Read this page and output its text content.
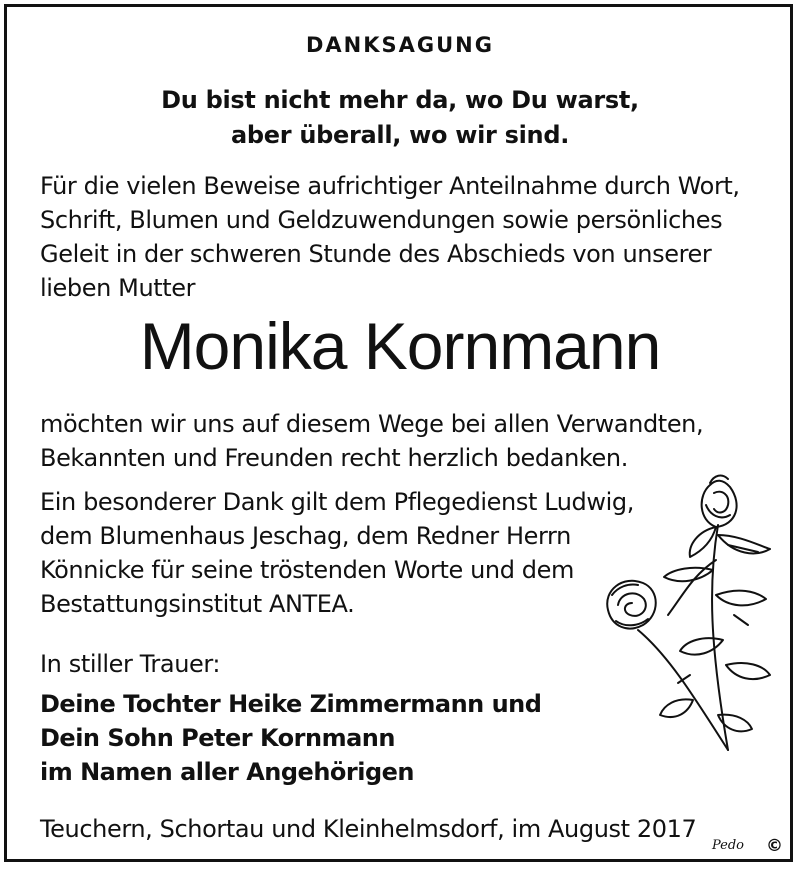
DANKSAGUNG
Du bist nicht mehr da, wo Du warst,
aber überall, wo wir sind.
Für die vielen Beweise aufrichtiger Anteilnahme durch Wort,
Schrift, Blumen und Geldzuwendungen sowie persönliches
Geleit in der schweren Stunde des Abschieds von unserer
lieben Mutter
Monika Kornmann
möchten wir uns auf diesem Wege bei allen Verwandten,
Bekannten und Freunden recht herzlich bedanken.
Ein besonderer Dank gilt dem Pflegedienst Ludwig,
dem Blumenhaus Jeschag, dem Redner Herrn
Könnicke für seine tröstenden Worte und dem
Bestattungsinstitut ANTEA.
In stiller Trauer:
Deine Tochter Heike Zimmermann und
Dein Sohn Peter Kornmann
im Namen aller Angehörigen
Teuchern, Schortau und Kleinhelmsdorf, im August 2017
Pedo ©
